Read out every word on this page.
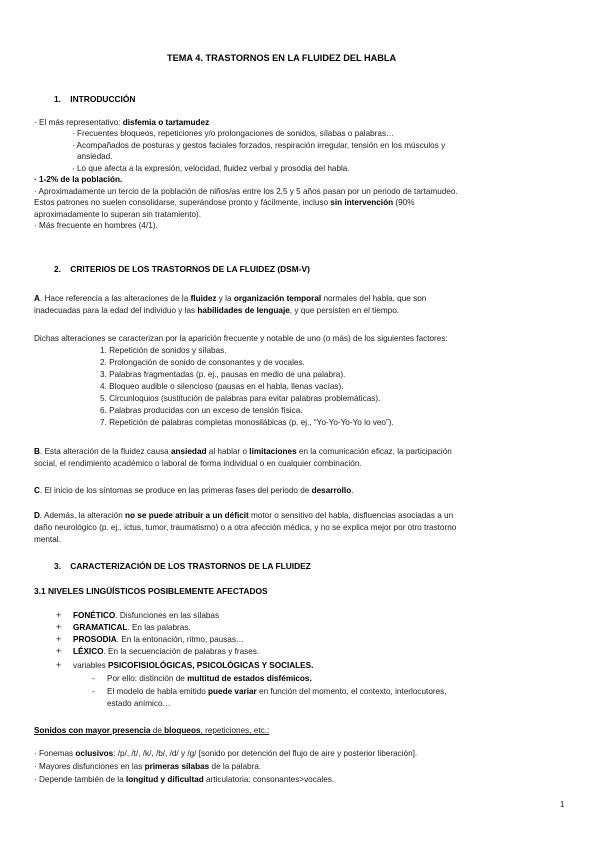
TEMA 4. TRASTORNOS EN LA FLUIDEZ DEL HABLA
1.    INTRODUCCIÓN
· El más representativo: disfemia o tartamudez
· Frecuentes bloqueos, repeticiones y/o prolongaciones de sonidos, sílabas o palabras…
· Acompañados de posturas y gestos faciales forzados, respiración irregular, tensión en los músculos y
ansiedad.
· Lo que afecta a la expresión, velocidad, fluidez verbal y prosodia del habla.
· 1-2% de la población.
· Aproximadamente un tercio de la población de niños/as entre los 2,5 y 5 años pasan por un periodo de tartamudeo.
Estos patrones no suelen consolidarse, superándose pronto y fácilmente, incluso sin intervención (90%
aproximadamente lo superan sin tratamiento).
· Más frecuente en hombres (4/1).
2.    CRITERIOS DE LOS TRASTORNOS DE LA FLUIDEZ (DSM-V)
A. Hace referencia a las alteraciones de la fluidez y la organización temporal normales del habla, que son
inadecuadas para la edad del individuo y las habilidades de lenguaje, y que persisten en el tiempo.
Dichas alteraciones se caracterizan por la aparición frecuente y notable de uno (o más) de los siguientes factores:
1. Repetición de sonidos y sílabas.
2. Prolongación de sonido de consonantes y de vocales.
3. Palabras fragmentadas (p. ej., pausas en medio de una palabra).
4. Bloqueo audible o silencioso (pausas en el habla, llenas vacías).
5. Circunloquios (sustitución de palabras para evitar palabras problemáticas).
6. Palabras producidas con un exceso de tensión física.
7. Repetición de palabras completas monosilábicas (p. ej., “Yo-Yo-Yo-Yo lo veo”).
B. Esta alteración de la fluidez causa ansiedad al hablar o limitaciones en la comunicación eficaz, la participación
social, el rendimiento académico o laboral de forma individual o en cualquier combinación.
C. El inicio de los síntomas se produce en las primeras fases del periodo de desarrollo.
D. Además, la alteración no se puede atribuir a un déficit motor o sensitivo del habla, disfluencias asociadas a un
daño neurológico (p. ej., ictus, tumor, traumatismo) o a otra afección médica, y no se explica mejor por otro trastorno
mental.
3.    CARACTERIZACIÓN DE LOS TRASTORNOS DE LA FLUIDEZ
3.1 NIVELES LINGÜÍSTICOS POSIBLEMENTE AFECTADOS
+ FONÉTICO. Disfunciones en las sílabas
+ GRAMATICAL. En las palabras.
+ PROSODIA. En la entonación, ritmo, pausas…
+ LÉXICO. En la secuenciación de palabras y frases.
+ variables PSICOFISIOLÓGICAS, PSICOLÓGICAS Y SOCIALES.
- Por ello: distinción de multitud de estados disfémicos.
- El modelo de habla emitido puede variar en función del momento, el contexto, interlocutores,
estado anímico…
Sonidos con mayor presencia de bloqueos, repeticiones, etc.:
· Fonemas oclusivos: /p/, /t/, /k/, /b/, /d/ y /g/ [sonido por detención del flujo de aire y posterior liberación].
· Mayores disfunciones en las primeras sílabas de la palabra.
· Depende también de la longitud y dificultad articulatoria: consonantes>vocales.
1
